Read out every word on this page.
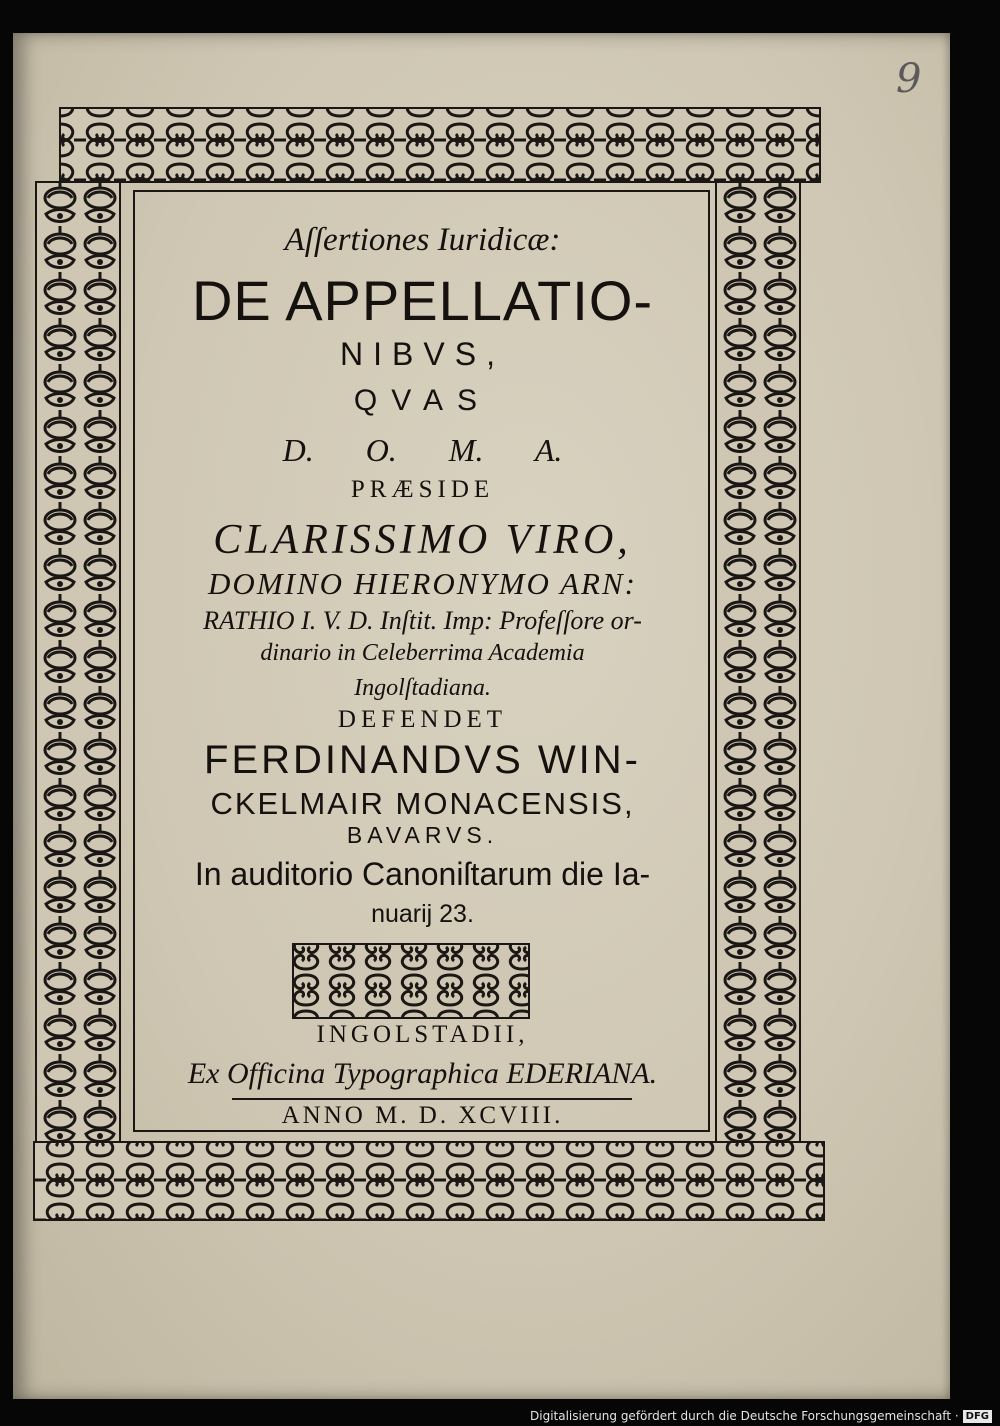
9
Aſſertiones Iuridicæ:
DE APPELLATIO-
NIBVS,
QVAS
D. O. M. A.
PRÆSIDE
CLARISSIMO VIRO,
DOMINO HIERONYMO ARN:
RATHIO I. V. D. Inſtit. Imp: Profeſſore or-
dinario in Celeberrima Academia
Ingolſtadiana.
DEFENDET
FERDINANDVS WIN-
CKELMAIR MONACENSIS,
BAVARVS.
In auditorio Canoniſtarum die Ia-
nuarij 23.
INGOLSTADII,
Ex Officina Typographica EDERIANA.
ANNO M. D. XCVIII.
Digitalisierung gefördert durch die Deutsche Forschungsgemeinschaft · DFG
